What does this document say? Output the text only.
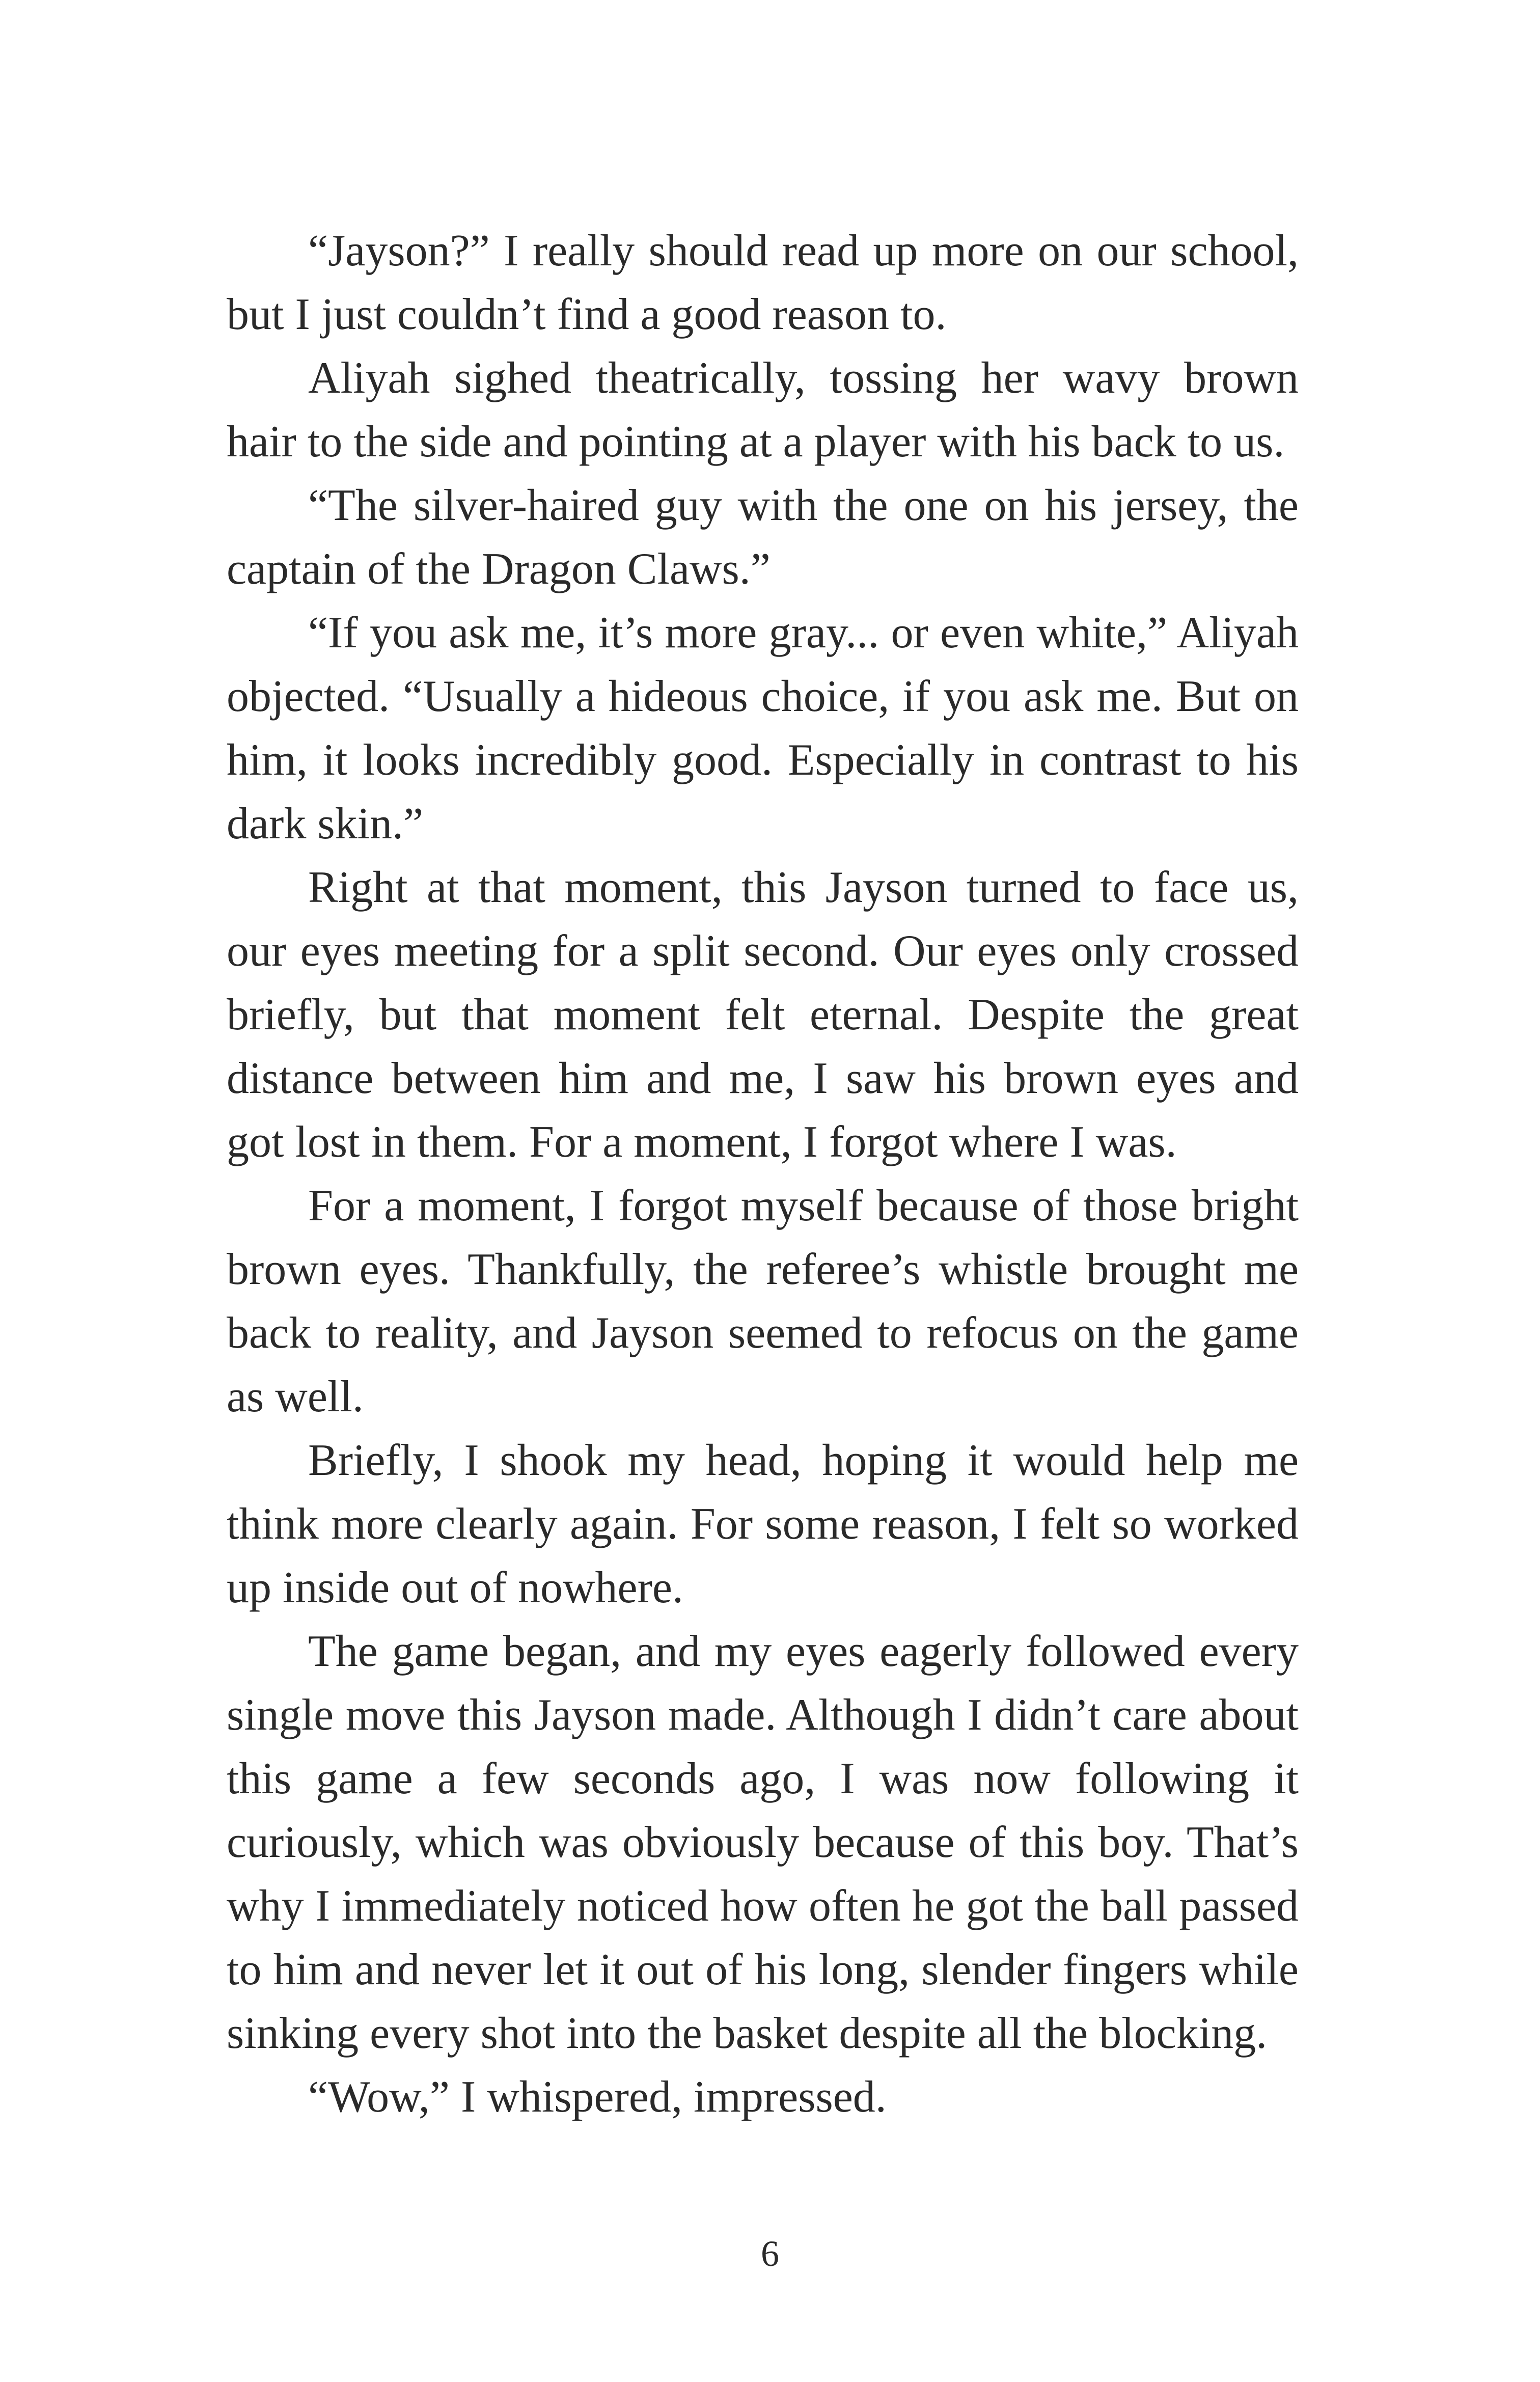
“Jayson?” I really should read up more on our school, but I just couldn’t find a good reason to.

Aliyah sighed theatrically, tossing her wavy brown hair to the side and pointing at a player with his back to us.

“The silver-haired guy with the one on his jersey, the captain of the Dragon Claws.”

“If you ask me, it’s more gray... or even white,” Aliyah objected. “Usually a hideous choice, if you ask me. But on him, it looks incredibly good. Especially in contrast to his dark skin.”

Right at that moment, this Jayson turned to face us, our eyes meeting for a split second. Our eyes only crossed briefly, but that moment felt eternal. Despite the great distance between him and me, I saw his brown eyes and got lost in them. For a moment, I forgot where I was.

For a moment, I forgot myself because of those bright brown eyes. Thankfully, the referee’s whistle brought me back to reality, and Jayson seemed to refocus on the game as well.

Briefly, I shook my head, hoping it would help me think more clearly again. For some reason, I felt so worked up inside out of nowhere.

The game began, and my eyes eagerly followed every single move this Jayson made. Although I didn’t care about this game a few seconds ago, I was now following it curiously, which was obviously because of this boy. That’s why I immediately noticed how often he got the ball passed to him and never let it out of his long, slender fingers while sinking every shot into the basket despite all the blocking.

“Wow,” I whispered, impressed.

6
